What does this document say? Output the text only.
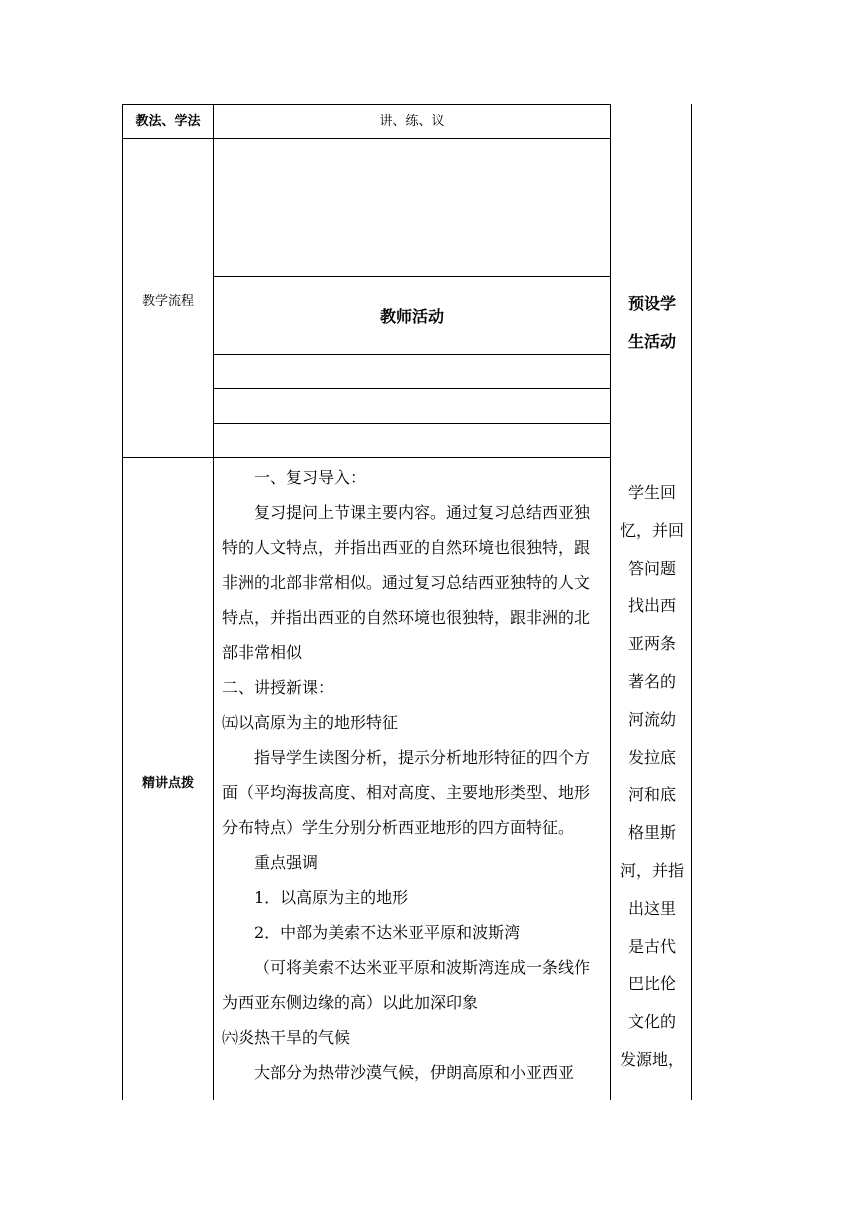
教法、学法	讲、练、议
教学流程
教师活动
预设学
生活动
精讲点拨

一、复习导入：

复习提问上节课主要内容。通过复习总结西亚独特的人文特点，并指出西亚的自然环境也很独特，跟非洲的北部非常相似。通过复习总结西亚独特的人文特点，并指出西亚的自然环境也很独特，跟非洲的北部非常相似

二、讲授新课：

㈤以高原为主的地形特征

指导学生读图分析，提示分析地形特征的四个方面（平均海拔高度、相对高度、主要地形类型、地形分布特点）学生分别分析西亚地形的四方面特征。

重点强调

1．以高原为主的地形

2．中部为美索不达米亚平原和波斯湾

（可将美索不达米亚平原和波斯湾连成一条线作为西亚东侧边缘的高）以此加深印象

㈥炎热干旱的气候

大部分为热带沙漠气候，伊朗高原和小亚西亚

学生回
忆，并回
答问题
找出西
亚两条
著名的
河流幼
发拉底
河和底
格里斯
河，并指
出这里
是古代
巴比伦
文化的
发源地，
